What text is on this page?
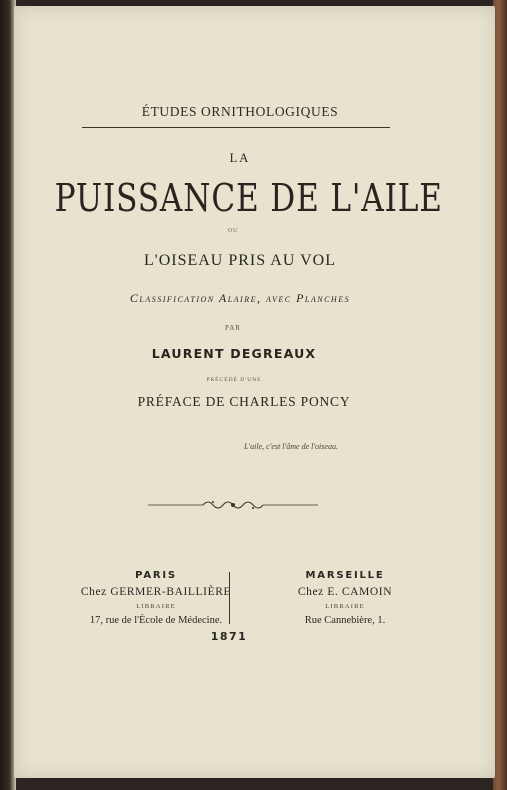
ÉTUDES ORNITHOLOGIQUES
LA
PUISSANCE DE L'AILE
OU
L'OISEAU PRIS AU VOL
Classification Alaire, avec Planches
PAR
LAURENT DEGREAUX
PRÉCÉDÉ D'UNE
PRÉFACE DE CHARLES PONCY
L'aile, c'est l'âme de l'oiseau.
PARIS
Chez GERMER-BAILLIÈRE
LIBRAIRE
17, rue de l'École de Médecine.
MARSEILLE
Chez E. CAMOIN
LIBRAIRE
Rue Cannebière, 1.
1871
